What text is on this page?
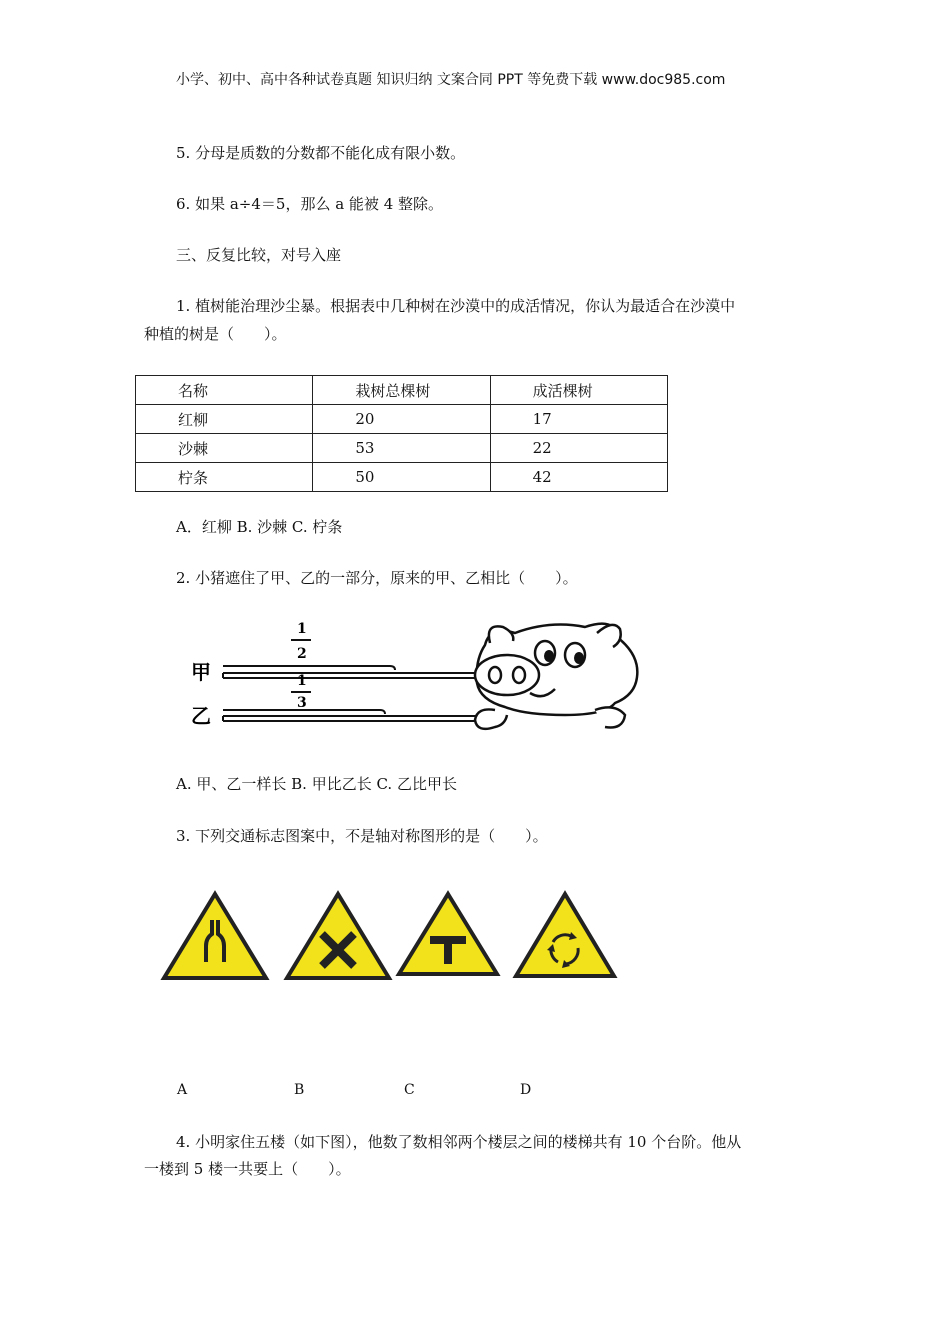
小学、初中、高中各种试卷真题 知识归纳 文案合同 PPT 等免费下载 www.doc985.com
5. 分母是质数的分数都不能化成有限小数。
6. 如果 a÷4＝5，那么 a 能被 4 整除。
三、反复比较，对号入座
1. 植树能治理沙尘暴。根据表中几种树在沙漠中的成活情况，你认为最适合在沙漠中
种植的树是（　　）。
名称	栽树总棵树	成活棵树
红柳	20	17
沙棘	53	22
柠条	50	42
A．红柳 B. 沙棘 C. 柠条
2. 小猪遮住了甲、乙的一部分，原来的甲、乙相比（　　）。
甲
乙
1
2
1
3
A. 甲、乙一样长 B. 甲比乙长 C. 乙比甲长
3. 下列交通标志图案中，不是轴对称图形的是（　　）。
A	B	C	D
4. 小明家住五楼（如下图），他数了数相邻两个楼层之间的楼梯共有 10 个台阶。他从
一楼到 5 楼一共要上（　　）。
